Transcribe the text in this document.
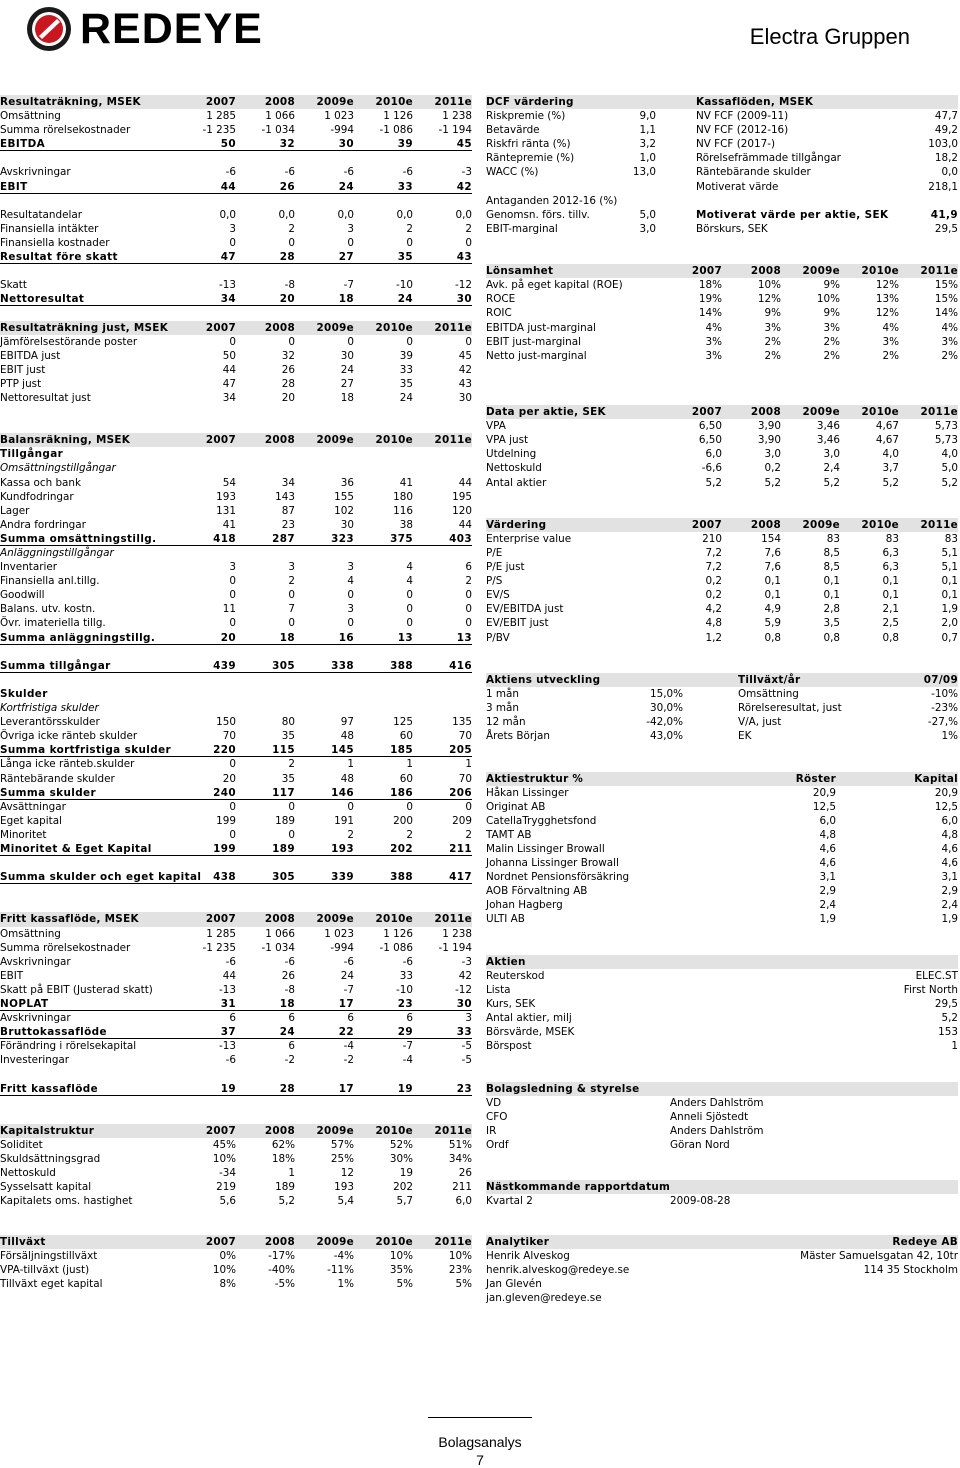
REDEYE	Electra Gruppen
Resultaträkning, MSEK	2007	2008	2009e	2010e	2011e
Omsättning	1 285	1 066	1 023	1 126	1 238
Summa rörelsekostnader	-1 235	-1 034	-994	-1 086	-1 194
EBITDA	50	32	30	39	45
Avskrivningar	-6	-6	-6	-6	-3
EBIT	44	26	24	33	42
Resultatandelar	0,0	0,0	0,0	0,0	0,0
Finansiella intäkter	3	2	3	2	2
Finansiella kostnader	0	0	0	0	0
Resultat före skatt	47	28	27	35	43
Skatt	-13	-8	-7	-10	-12
Nettoresultat	34	20	18	24	30
Resultaträkning just, MSEK	2007	2008	2009e	2010e	2011e
Jämförelsestörande poster	0	0	0	0	0
EBITDA just	50	32	30	39	45
EBIT just	44	26	24	33	42
PTP just	47	28	27	35	43
Nettoresultat just	34	20	18	24	30
Balansräkning, MSEK	2007	2008	2009e	2010e	2011e
Tillgångar
Omsättningstillgångar
Kassa och bank	54	34	36	41	44
Kundfodringar	193	143	155	180	195
Lager	131	87	102	116	120
Andra fordringar	41	23	30	38	44
Summa omsättningstillg.	418	287	323	375	403
Anläggningstillgångar
Inventarier	3	3	3	4	6
Finansiella anl.tillg.	0	2	4	4	2
Goodwill	0	0	0	0	0
Balans. utv. kostn.	11	7	3	0	0
Övr. imateriella tillg.	0	0	0	0	0
Summa anläggningstillg.	20	18	16	13	13
Summa tillgångar	439	305	338	388	416
Skulder
Kortfristiga skulder
Leverantörsskulder	150	80	97	125	135
Övriga icke ränteb skulder	70	35	48	60	70
Summa kortfristiga skulder	220	115	145	185	205
Långa icke ränteb.skulder	0	2	1	1	1
Räntebärande skulder	20	35	48	60	70
Summa skulder	240	117	146	186	206
Avsättningar	0	0	0	0	0
Eget kapital	199	189	191	200	209
Minoritet	0	0	2	2	2
Minoritet & Eget Kapital	199	189	193	202	211
Summa skulder och eget kapital	438	305	339	388	417
Fritt kassaflöde, MSEK	2007	2008	2009e	2010e	2011e
Omsättning	1 285	1 066	1 023	1 126	1 238
Summa rörelsekostnader	-1 235	-1 034	-994	-1 086	-1 194
Avskrivningar	-6	-6	-6	-6	-3
EBIT	44	26	24	33	42
Skatt på EBIT (Justerad skatt)	-13	-8	-7	-10	-12
NOPLAT	31	18	17	23	30
Avskrivningar	6	6	6	6	3
Bruttokassaflöde	37	24	22	29	33
Förändring i rörelsekapital	-13	6	-4	-7	-5
Investeringar	-6	-2	-2	-4	-5
Fritt kassaflöde	19	28	17	19	23
Kapitalstruktur	2007	2008	2009e	2010e	2011e
Soliditet	45%	62%	57%	52%	51%
Skuldsättningsgrad	10%	18%	25%	30%	34%
Nettoskuld	-34	1	12	19	26
Sysselsatt kapital	219	189	193	202	211
Kapitalets oms. hastighet	5,6	5,2	5,4	5,7	6,0
DCF värdering	Kassaflöden, MSEK
Riskpremie (%)	9,0	NV FCF (2009-11)	47,7
Betavärde	1,1	NV FCF (2012-16)	49,2
Riskfri ränta (%)	3,2	NV FCF (2017-)	103,0
Räntepremie (%)	1,0	Rörelsefrämmade tillgångar	18,2
WACC (%)	13,0	Räntebärande skulder	0,0
Motiverat värde	218,1
Antaganden 2012-16 (%)
Genomsn. förs. tillv.	5,0	Motiverat värde per aktie, SEK	41,9
EBIT-marginal	3,0	Börskurs, SEK	29,5
Lönsamhet	2007	2008	2009e	2010e	2011e
Avk. på eget kapital (ROE)	18%	10%	9%	12%	15%
ROCE	19%	12%	10%	13%	15%
ROIC	14%	9%	9%	12%	14%
EBITDA just-marginal	4%	3%	3%	4%	4%
EBIT just-marginal	3%	2%	2%	3%	3%
Netto just-marginal	3%	2%	2%	2%	2%
Data per aktie, SEK	2007	2008	2009e	2010e	2011e
VPA	6,50	3,90	3,46	4,67	5,73
VPA just	6,50	3,90	3,46	4,67	5,73
Utdelning	6,0	3,0	3,0	4,0	4,0
Nettoskuld	-6,6	0,2	2,4	3,7	5,0
Antal aktier	5,2	5,2	5,2	5,2	5,2
Värdering	2007	2008	2009e	2010e	2011e
Enterprise value	210	154	83	83	83
P/E	7,2	7,6	8,5	6,3	5,1
P/E just	7,2	7,6	8,5	6,3	5,1
P/S	0,2	0,1	0,1	0,1	0,1
EV/S	0,2	0,1	0,1	0,1	0,1
EV/EBITDA just	4,2	4,9	2,8	2,1	1,9
EV/EBIT just	4,8	5,9	3,5	2,5	2,0
P/BV	1,2	0,8	0,8	0,8	0,7
Aktiens utveckling	Tillväxt/år	07/09
1 mån	15,0%	Omsättning	-10%
3 mån	30,0%	Rörelseresultat, just	-23%
12 mån	-42,0%	V/A, just	-27,%
Årets Början	43,0%	EK	1%
Aktiestruktur %	Röster	Kapital
Håkan Lissinger	20,9	20,9
Originat AB	12,5	12,5
CatellaTrygghetsfond	6,0	6,0
TAMT AB	4,8	4,8
Malin Lissinger Browall	4,6	4,6
Johanna Lissinger Browall	4,6	4,6
Nordnet Pensionsförsäkring	3,1	3,1
AOB Förvaltning AB	2,9	2,9
Johan Hagberg	2,4	2,4
ULTI AB	1,9	1,9
Aktien
Reuterskod	ELEC.ST
Lista	First North
Kurs, SEK	29,5
Antal aktier, milj	5,2
Börsvärde, MSEK	153
Börspost	1
Bolagsledning & styrelse
VD	Anders Dahlström
CFO	Anneli Sjöstedt
IR	Anders Dahlström
Ordf	Göran Nord
Nästkommande rapportdatum
Kvartal 2	2009-08-28
Tillväxt	2007	2008	2009e	2010e	2011e
Försäljningstillväxt	0%	-17%	-4%	10%	10%
VPA-tillväxt (just)	10%	-40%	-11%	35%	23%
Tillväxt eget kapital	8%	-5%	1%	5%	5%
Analytiker	Redeye AB
Henrik Alveskog	Mäster Samuelsgatan 42, 10tr
henrik.alveskog@redeye.se	114 35 Stockholm
Jan Glevén
jan.gleven@redeye.se
Bolagsanalys
7
